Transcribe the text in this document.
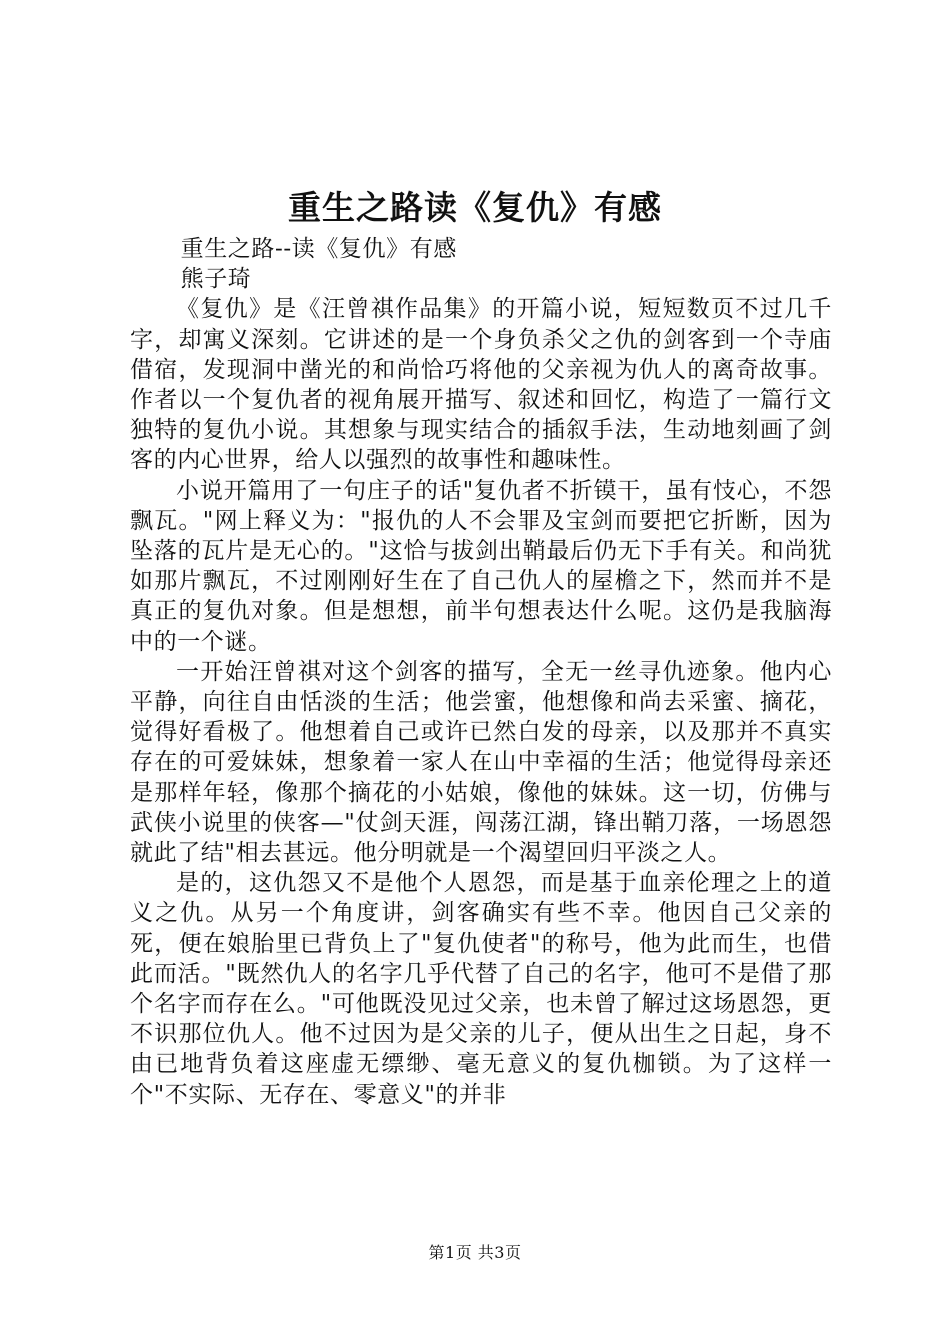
重生之路读《复仇》有感

重生之路--读《复仇》有感

熊子琦

《复仇》是《汪曾祺作品集》的开篇小说，短短数页不过几千字，却寓义深刻。它讲述的是一个身负杀父之仇的剑客到一个寺庙借宿，发现洞中凿光的和尚恰巧将他的父亲视为仇人的离奇故事。作者以一个复仇者的视角展开描写、叙述和回忆，构造了一篇行文独特的复仇小说。其想象与现实结合的插叙手法，生动地刻画了剑客的内心世界，给人以强烈的故事性和趣味性。

小说开篇用了一句庄子的话"复仇者不折镆干，虽有忮心，不怨飘瓦。"网上释义为："报仇的人不会罪及宝剑而要把它折断，因为坠落的瓦片是无心的。"这恰与拔剑出鞘最后仍无下手有关。和尚犹如那片飘瓦，不过刚刚好生在了自己仇人的屋檐之下，然而并不是真正的复仇对象。但是想想，前半句想表达什么呢。这仍是我脑海中的一个谜。

一开始汪曾祺对这个剑客的描写，全无一丝寻仇迹象。他内心平静，向往自由恬淡的生活；他尝蜜，他想像和尚去采蜜、摘花，觉得好看极了。他想着自己或许已然白发的母亲，以及那并不真实存在的可爱妹妹，想象着一家人在山中幸福的生活；他觉得母亲还是那样年轻，像那个摘花的小姑娘，像他的妹妹。这一切，仿佛与武侠小说里的侠客—"仗剑天涯，闯荡江湖，锋出鞘刀落，一场恩怨就此了结"相去甚远。他分明就是一个渴望回归平淡之人。

是的，这仇怨又不是他个人恩怨，而是基于血亲伦理之上的道义之仇。从另一个角度讲，剑客确实有些不幸。他因自己父亲的死，便在娘胎里已背负上了"复仇使者"的称号，他为此而生，也借此而活。"既然仇人的名字几乎代替了自己的名字，他可不是借了那个名字而存在么。"可他既没见过父亲，也未曾了解过这场恩怨，更不识那位仇人。他不过因为是父亲的儿子，便从出生之日起，身不由已地背负着这座虚无缥缈、毫无意义的复仇枷锁。为了这样一个"不实际、无存在、零意义"的并非

第1页 共3页
